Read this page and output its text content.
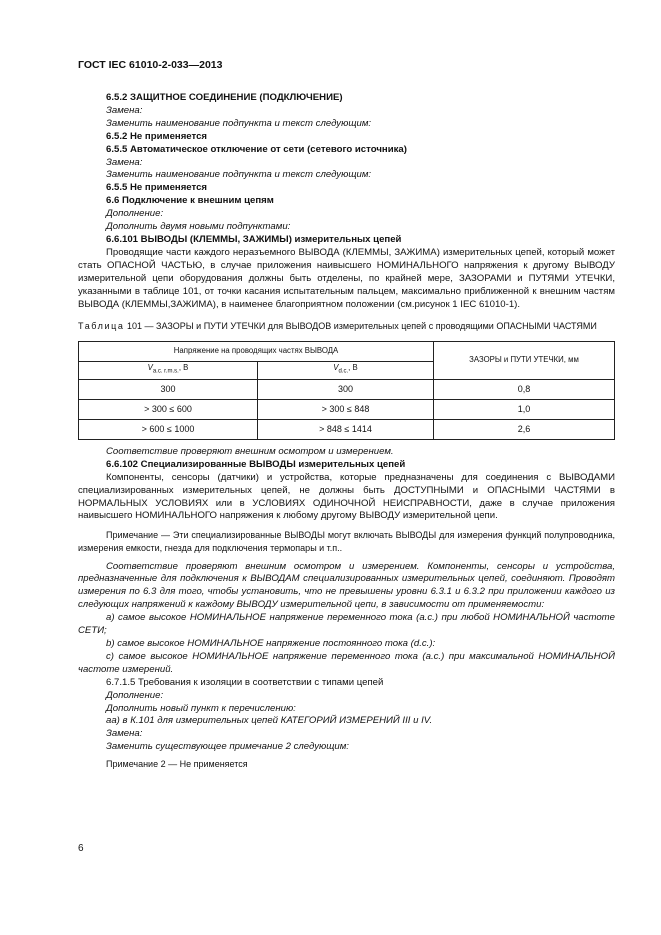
ГОСТ IEC 61010-2-033—2013
6.5.2 ЗАЩИТНОЕ СОЕДИНЕНИЕ (ПОДКЛЮЧЕНИЕ)
Замена:
Заменить наименование подпункта и текст следующим:
6.5.2 Не применяется
6.5.5 Автоматическое отключение от сети (сетевого источника)
Замена:
Заменить наименование подпункта и текст следующим:
6.5.5 Не применяется
6.6 Подключение к внешним цепям
Дополнение:
Дополнить двумя новыми подпунктами:
6.6.101 ВЫВОДЫ (КЛЕММЫ, ЗАЖИМЫ) измерительных цепей

Проводящие части каждого неразъемного ВЫВОДА (КЛЕММЫ, ЗАЖИМА) измерительных цепей, который может стать ОПАСНОЙ ЧАСТЬЮ, в случае приложения наивысшего НОМИНАЛЬНОГО напряжения к другому ВЫВОДУ измерительной цепи оборудования должны быть отделены, по крайней мере, ЗАЗОРАМИ и ПУТЯМИ УТЕЧКИ, указанными в таблице 101, от точки касания испытательным пальцем, максимально приближенной к внешним частям ВЫВОДА (КЛЕММЫ,ЗАЖИМА), в наименее благоприятном положении (см.рисунок 1 IEC 61010-1).

Таблица 101 — ЗАЗОРЫ и ПУТИ УТЕЧКИ для ВЫВОДОВ измерительных цепей с проводящими ОПАСНЫМИ ЧАСТЯМИ
Напряжение на проводящих частях ВЫВОДА		ЗАЗОРЫ и ПУТИ УТЕЧКИ, мм
$V_{a.c. r.m.s.}$, В	$V_{d.c.}$, В	
300	300	0,8
> 300 ≤ 600	> 300 ≤ 848	1,0
> 600 ≤ 1000	> 848 ≤ 1414	2,6
Соответствие проверяют внешним осмотром и измерением.
6.6.102 Специализированные ВЫВОДЫ измерительных цепей

Компоненты, сенсоры (датчики) и устройства, которые предназначены для соединения с ВЫВОДАМИ специализированных измерительных цепей, не должны быть ДОСТУПНЫМИ и ОПАСНЫМИ ЧАСТЯМИ в НОРМАЛЬНЫХ УСЛОВИЯХ или в УСЛОВИЯХ ОДИНОЧНОЙ НЕИСПРАВНОСТИ, даже в случае приложения наивысшего НОМИНАЛЬНОГО напряжения к любому другому ВЫВОДУ измерительной цепи.

Примечание — Эти специализированные ВЫВОДЫ могут включать ВЫВОДЫ для измерения функций полупроводника, измерения емкости, гнезда для подключения термопары и т.п..

Соответствие проверяют внешним осмотром и измерением. Компоненты, сенсоры и устройства, предназначенные для подключения к ВЫВОДАМ специализированных измерительных цепей, соединяют. Проводят измерения по 6.3 для того, чтобы установить, что не превышены уровни 6.3.1 и 6.3.2 при приложении каждого из следующих напряжений к каждому ВЫВОДУ измерительной цепи, в зависимости от применяемости:

a) самое высокое НОМИНАЛЬНОЕ напряжение переменного тока (a.c.) при любой НОМИНАЛЬНОЙ частоте СЕТИ;

b) самое высокое НОМИНАЛЬНОЕ напряжение постоянного тока (d.c.):

c) самое высокое НОМИНАЛЬНОЕ напряжение переменного тока (a.c.) при максимальной НОМИНАЛЬНОЙ частоте измерений.

6.7.1.5 Требования к изоляции в соответствии с типами цепей
Дополнение:
Дополнить новый пункт к перечислению:
аа) в К.101 для измерительных цепей КАТЕГОРИЙ ИЗМЕРЕНИЙ III и IV.
Замена:
Заменить существующее примечание 2 следующим:

Примечание 2 — Не применяется

6
